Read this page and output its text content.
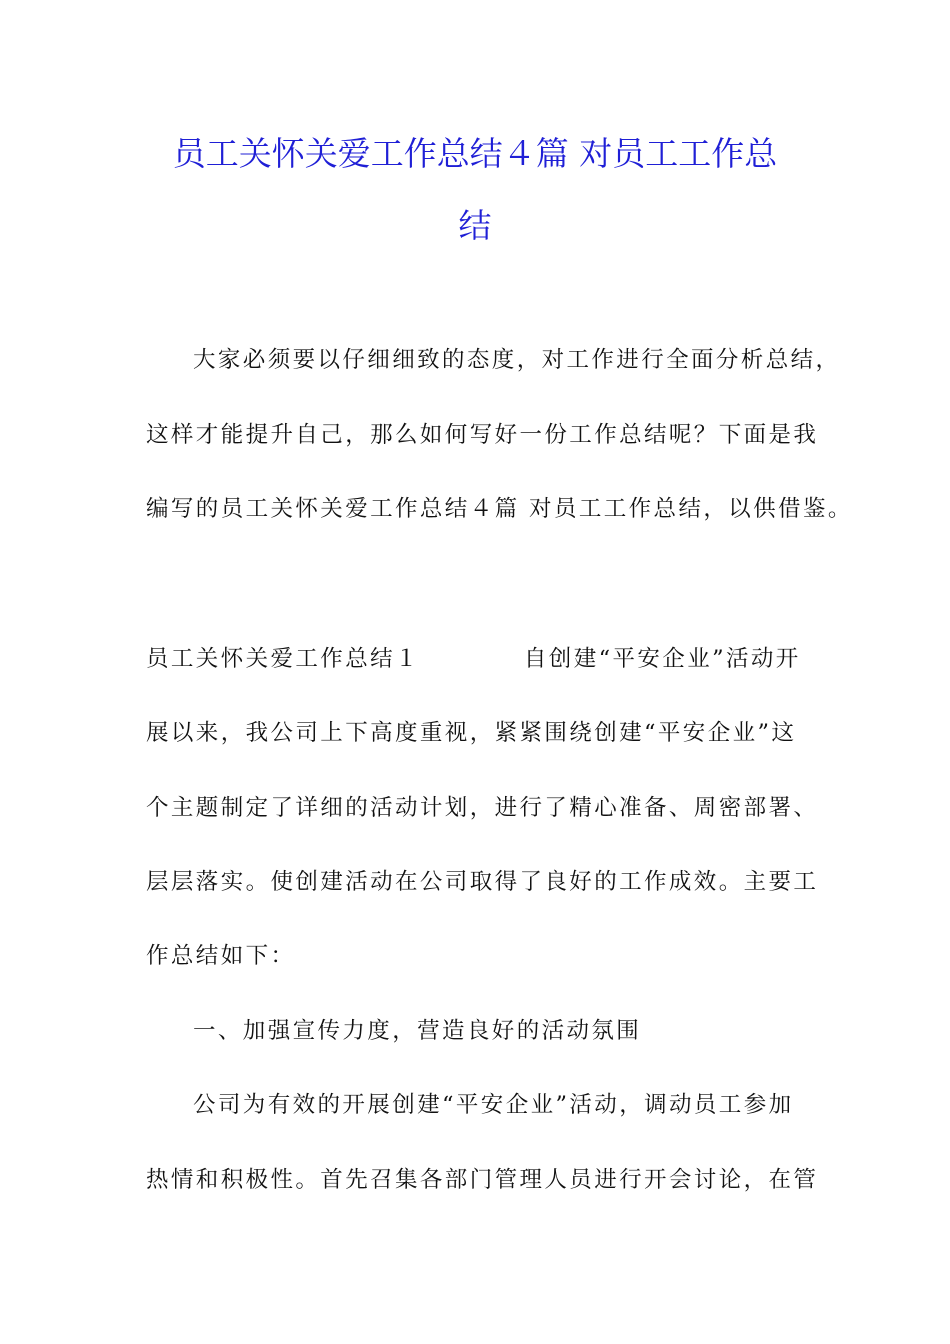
员工关怀关爱工作总结４篇 对员工工作总
结
大家必须要以仔细细致的态度，对工作进行全面分析总结，
这样才能提升自己，那么如何写好一份工作总结呢？下面是我
编写的员工关怀关爱工作总结４篇 对员工工作总结，以供借鉴。
员工关怀关爱工作总结１	自创建“平安企业”活动开
展以来，我公司上下高度重视，紧紧围绕创建“平安企业”这
个主题制定了详细的活动计划，进行了精心准备、周密部署、
层层落实。使创建活动在公司取得了良好的工作成效。主要工
作总结如下：
一、加强宣传力度，营造良好的活动氛围
公司为有效的开展创建“平安企业”活动，调动员工参加
热情和积极性。首先召集各部门管理人员进行开会讨论，在管
